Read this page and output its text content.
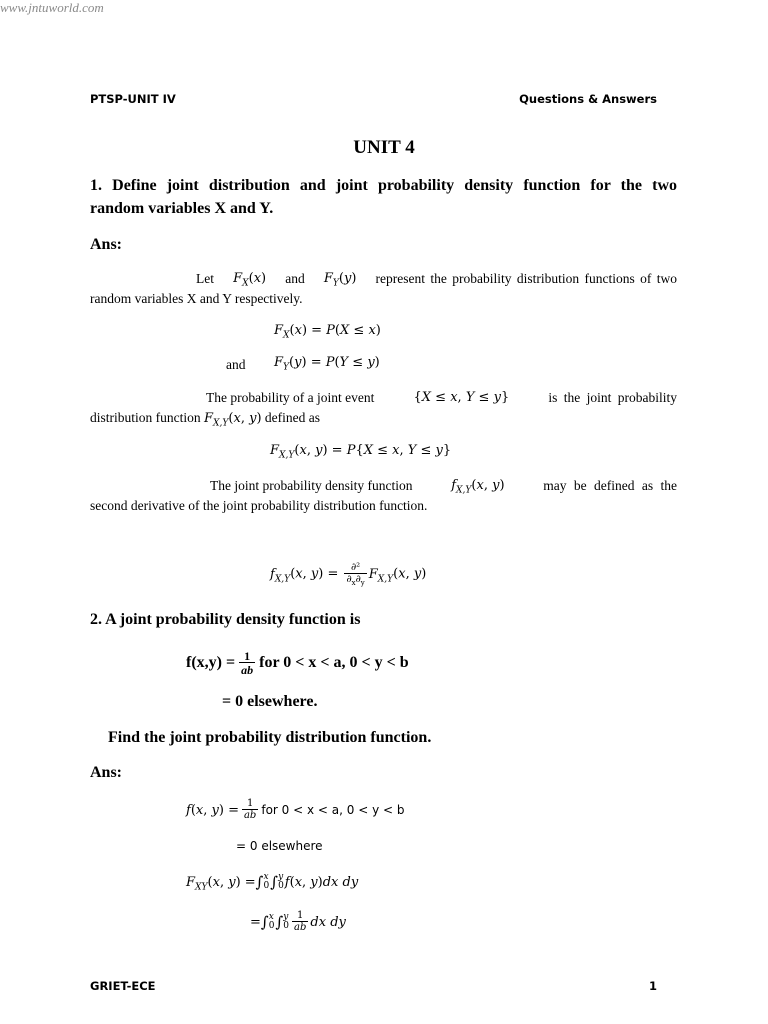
www.jntuworld.com
PTSP-UNIT IV	Questions & Answers
UNIT 4
1. Define joint distribution and joint probability density function for the two
random variables X and Y.
Ans:
Let $F_X(x)$ and $F_Y(y)$ represent the probability distribution functions of two
random variables X and Y respectively.
$F_X(x) = P(X \le x)$
and $F_Y(y) = P(Y \le y)$
The probability of a joint event	{X ≤ x, Y ≤ y}	is the joint probability
distribution function $F_{X,Y}(x$, y) defined as
$F_{X,Y}(x$, y) = P{X ≤ x, Y ≤ y}
The joint probability density function	$f_{X,Y}(x$, y)	may be defined as the
second derivative of the joint probability distribution function.
$f_{X,Y}(x$, $y) = \frac{\text{∂²}}{\partial_x\partial_y} F_{X,Y}(x$, y)
2. A joint probability density function is
$f(x,y) = \frac{1}{ab}$ for 0 < x < a, 0 < y < b
= 0 elsewhere.
Find the joint probability distribution function.
Ans:
f(x, $y) = \frac{1}{ab}$ for 0 < x < a, 0 < y < b
= 0 elsewhere
$F_{XY}(x$, y) = ∫ x
0 ∫ y
0 f(x, y)dx dy
= ∫ x
0 ∫ y
$0 \frac{1}{ab}$ dx dy
GRIET-ECE	1
